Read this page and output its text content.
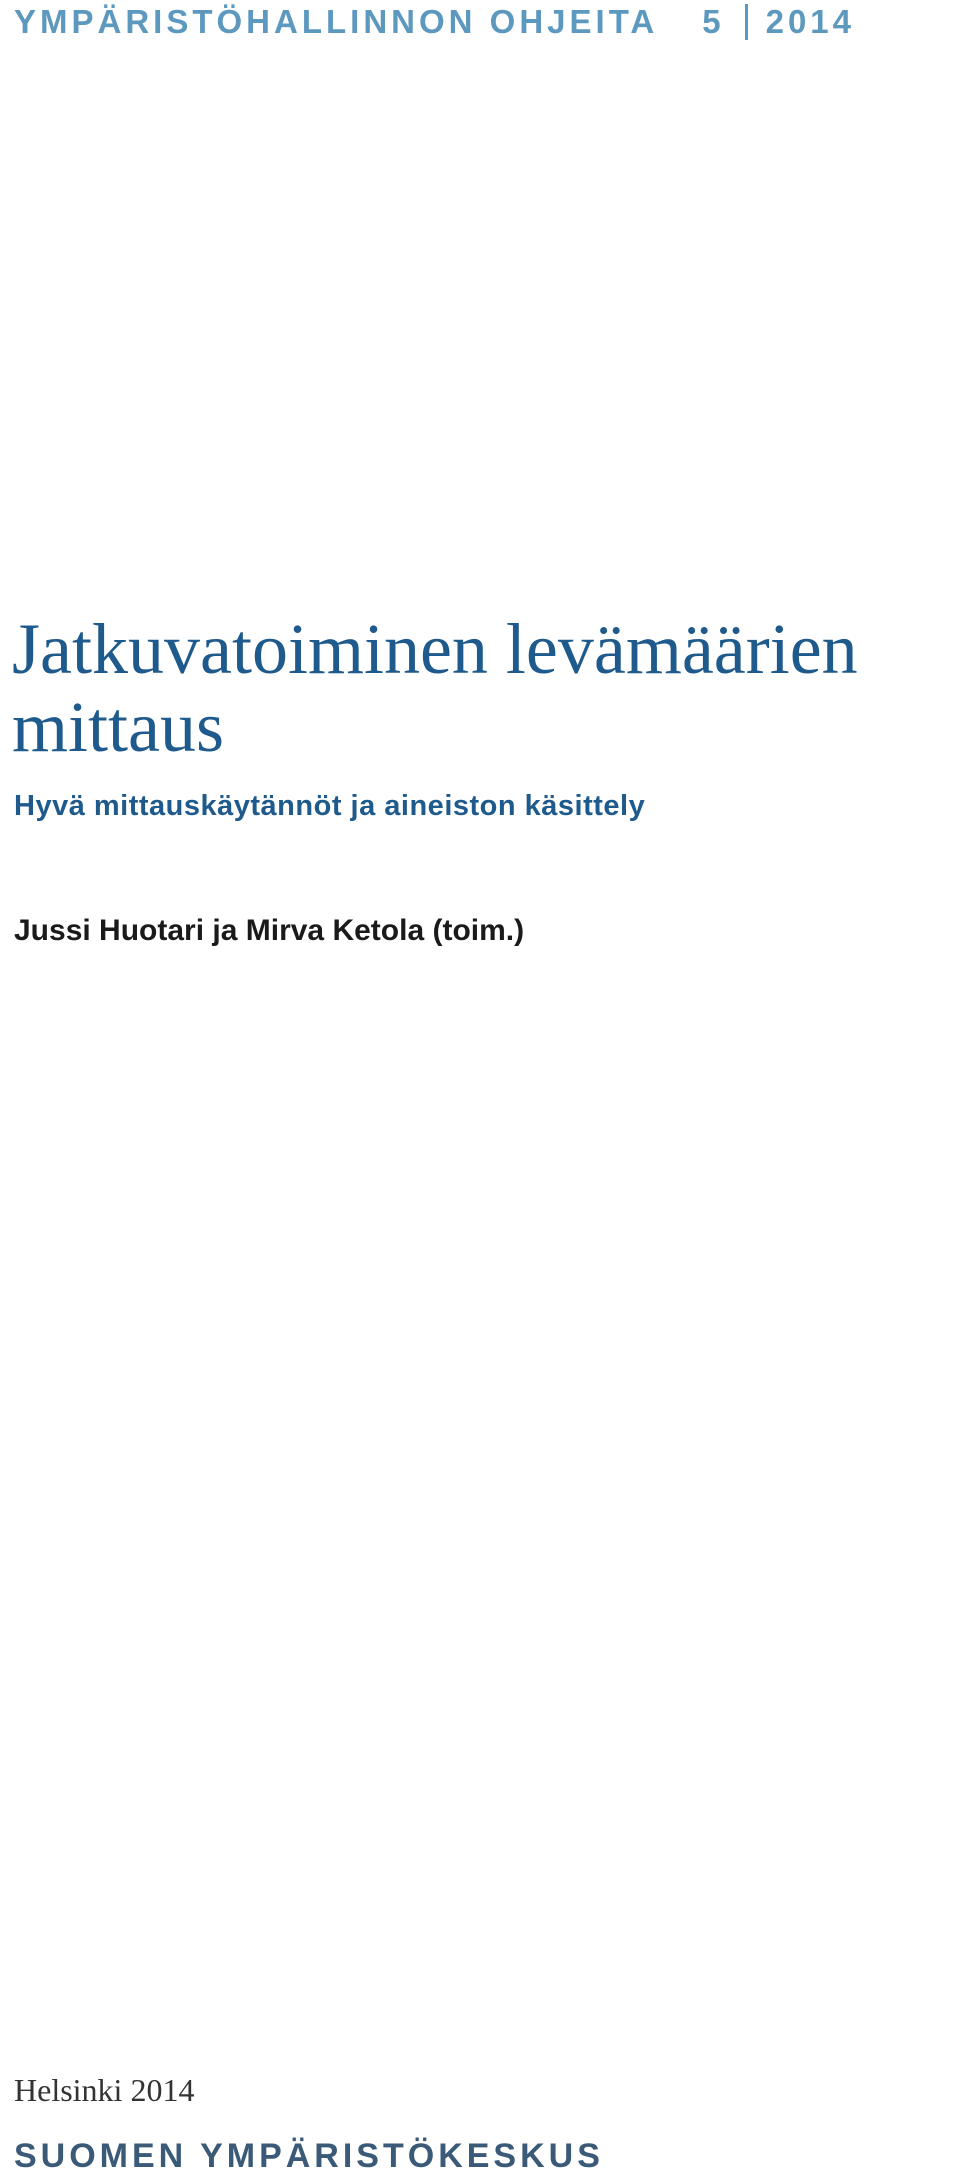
YMPÄRISTÖHALLINNON OHJEITA 5 2014
Jatkuvatoiminen levämäärien mittaus
Hyvä mittauskäytännöt ja aineiston käsittely

Jussi Huotari ja Mirva Ketola (toim.)

Helsinki 2014

SUOMEN YMPÄRISTÖKESKUS
